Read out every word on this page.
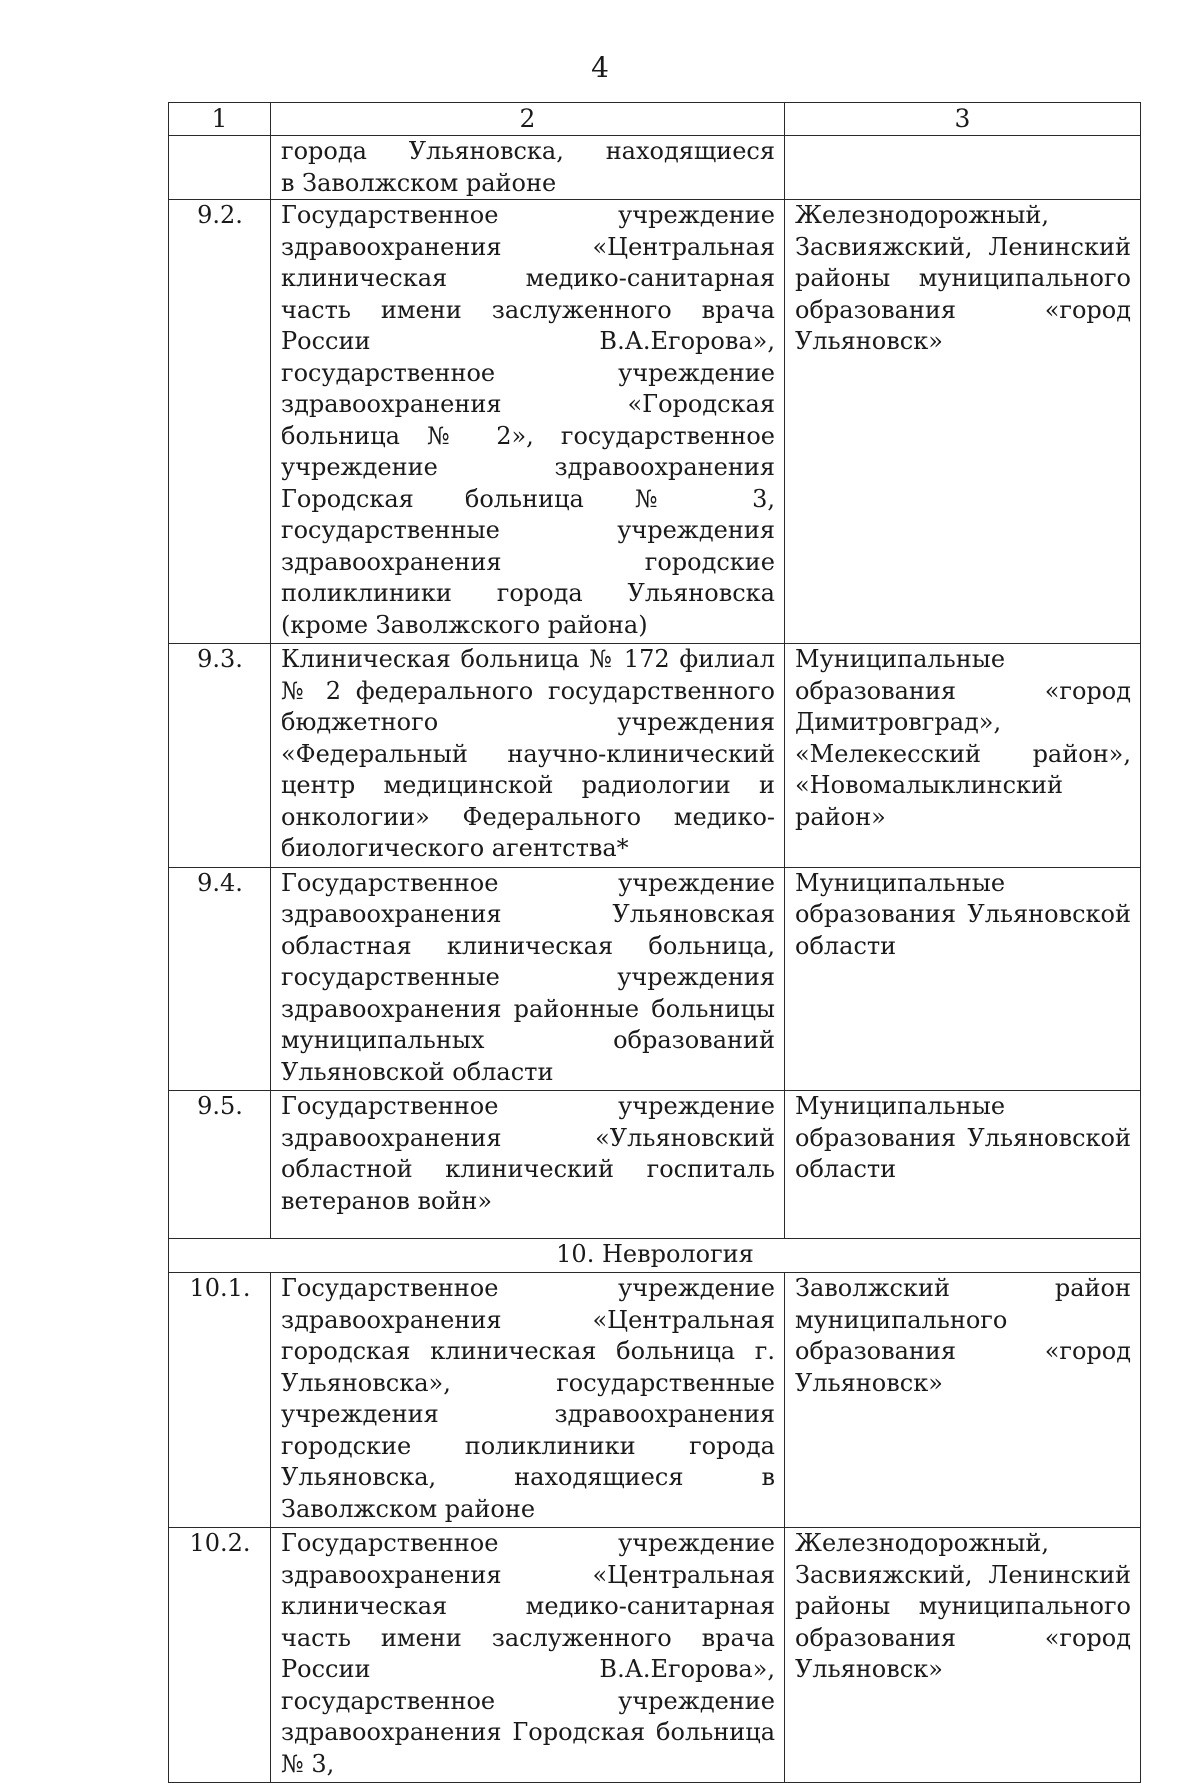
4
1	2	3

	города Ульяновска, находящиеся
в Заволжском районе	

9.2.	Государственное учреждение здравоохранения «Центральная клиническая медико-санитарная часть имени заслуженного врача России В.А.Егорова», государственное учреждение здравоохранения «Городская больница № 2», государственное учреждение здравоохранения Городская больница № 3, государственные учреждения здравоохранения городские поликлиники города Ульяновска (кроме Заволжского района)	Железнодорожный, Засвияжский, Ленинский районы муниципального образования «город Ульяновск»
9.3.	Клиническая больница № 172 филиал № 2 федерального государственного бюджетного учреждения «Федеральный научно-клинический центр медицинской радиологии и онкологии» Федерального медико-биологического агентства*	Муниципальные образования «город Димитровград», «Мелекесский район», «Новомалыклинский район»
9.4.	Государственное учреждение здравоохранения Ульяновская областная клиническая больница, государственные учреждения здравоохранения районные больницы муниципальных образований Ульяновской области	Муниципальные образования Ульяновской области
9.5.	Государственное учреждение здравоохранения «Ульяновский областной клинический госпиталь ветеранов войн»	Муниципальные образования Ульяновской области
10. Неврология		
10.1.	Государственное учреждение здравоохранения «Центральная городская клиническая больница г. Ульяновска», государственные учреждения здравоохранения городские поликлиники города Ульяновска, находящиеся в Заволжском районе	Заволжский район муниципального образования «город Ульяновск»
10.2.	Государственное учреждение здравоохранения «Центральная клиническая медико-санитарная часть имени заслуженного врача России В.А.Егорова», государственное учреждение здравоохранения Городская больница № 3,	Железнодорожный, Засвияжский, Ленинский районы муниципального образования «город Ульяновск»
